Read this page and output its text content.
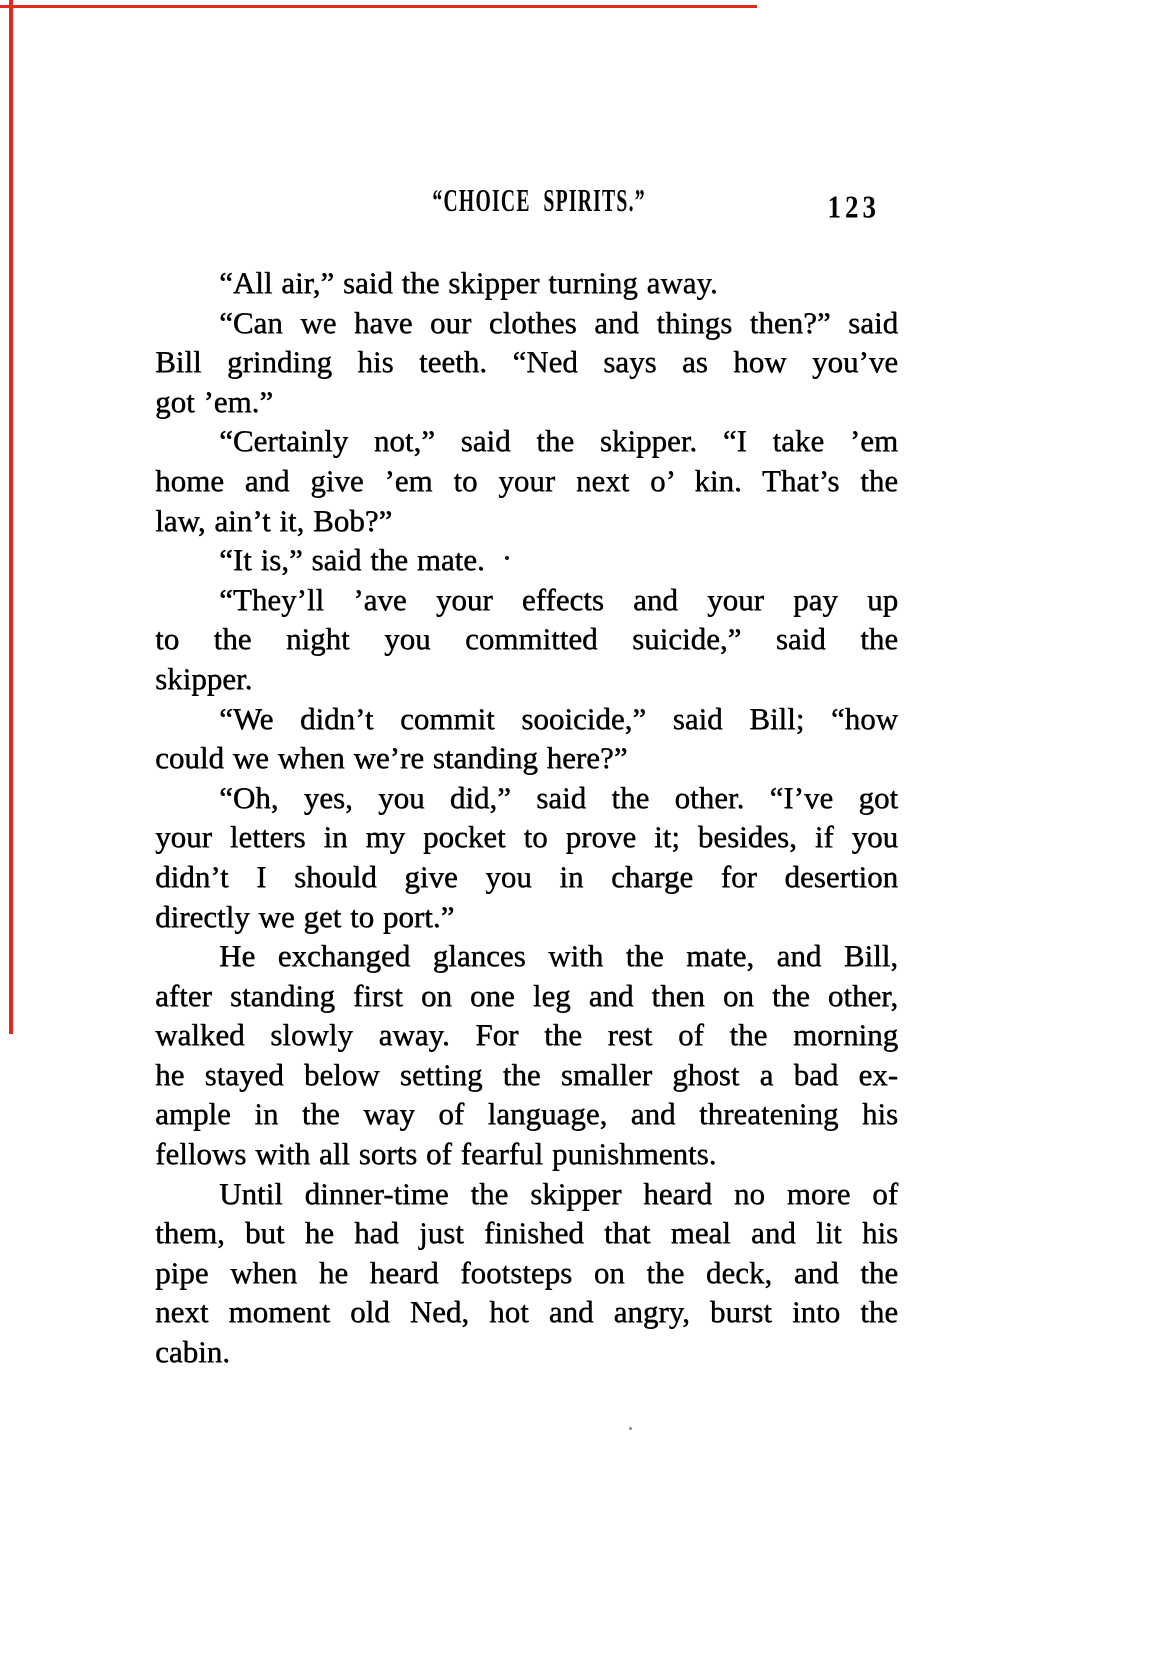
“CHOICE SPIRITS.”	123
“All air,” said the skipper turning away.
“Can we have our clothes and things then?” said
Bill grinding his teeth. “Ned says as how you’ve
got ’em.”
“Certainly not,” said the skipper. “I take ’em
home and give ’em to your next o’ kin. That’s the
law, ain’t it, Bob?”
“It is,” said the mate.
“They’ll ’ave your effects and your pay up
to the night you committed suicide,” said the
skipper.
“We didn’t commit sooicide,” said Bill; “how
could we when we’re standing here?”
“Oh, yes, you did,” said the other. “I’ve got
your letters in my pocket to prove it; besides, if you
didn’t I should give you in charge for desertion
directly we get to port.”
He exchanged glances with the mate, and Bill,
after standing first on one leg and then on the other,
walked slowly away. For the rest of the morning
he stayed below setting the smaller ghost a bad ex-
ample in the way of language, and threatening his
fellows with all sorts of fearful punishments.
Until dinner-time the skipper heard no more of
them, but he had just finished that meal and lit his
pipe when he heard footsteps on the deck, and the
next moment old Ned, hot and angry, burst into the
cabin.
